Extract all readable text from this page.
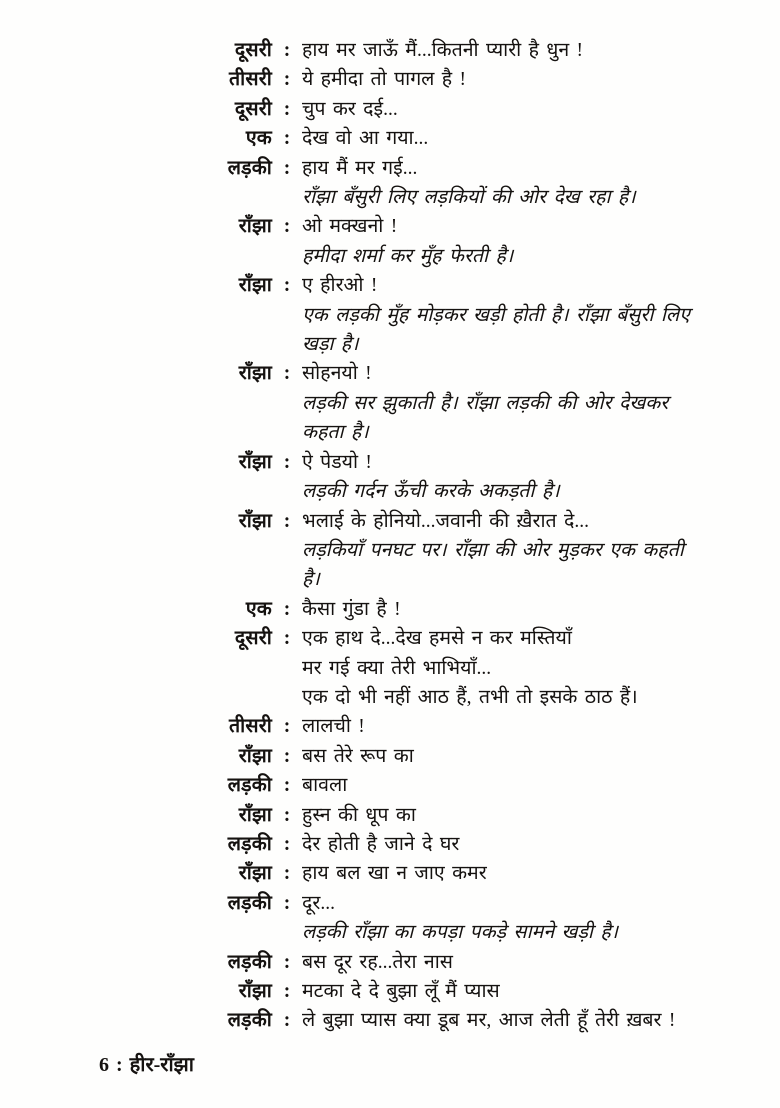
दूसरी : हाय मर जाऊँ मैं...कितनी प्यारी है धुन !
तीसरी : ये हमीदा तो पागल है !
दूसरी : चुप कर दई...
एक : देख वो आ गया...
लड़की : हाय मैं मर गई...
राँझा बँसुरी लिए लड़कियों की ओर देख रहा है।
राँझा : ओ मक्खनो !
हमीदा शर्मा कर मुँह फेरती है।
राँझा : ए हीरओ !
एक लड़की मुँह मोड़कर खड़ी होती है। राँझा बँसुरी लिए
खड़ा है।
राँझा : सोहनयो !
लड़की सर झुकाती है। राँझा लड़की की ओर देखकर
कहता है।
राँझा : ऐ पेडयो !
लड़की गर्दन ऊँची करके अकड़ती है।
राँझा : भलाई के होनियो...जवानी की ख़ैरात दे...
लड़कियाँ पनघट पर। राँझा की ओर मुड़कर एक कहती
है।
एक : कैसा गुंडा है !
दूसरी : एक हाथ दे...देख हमसे न कर मस्तियाँ
मर गई क्या तेरी भाभियाँ...
एक दो भी नहीं आठ हैं, तभी तो इसके ठाठ हैं।
तीसरी : लालची !
राँझा : बस तेरे रूप का
लड़की : बावला
राँझा : हुस्न की धूप का
लड़की : देर होती है जाने दे घर
राँझा : हाय बल खा न जाए कमर
लड़की : दूर...
लड़की राँझा का कपड़ा पकड़े सामने खड़ी है।
लड़की : बस दूर रह...तेरा नास
राँझा : मटका दे दे बुझा लूँ मैं प्यास
लड़की : ले बुझा प्यास क्या डूब मर, आज लेती हूँ तेरी ख़बर !
6 : हीर-राँझा
